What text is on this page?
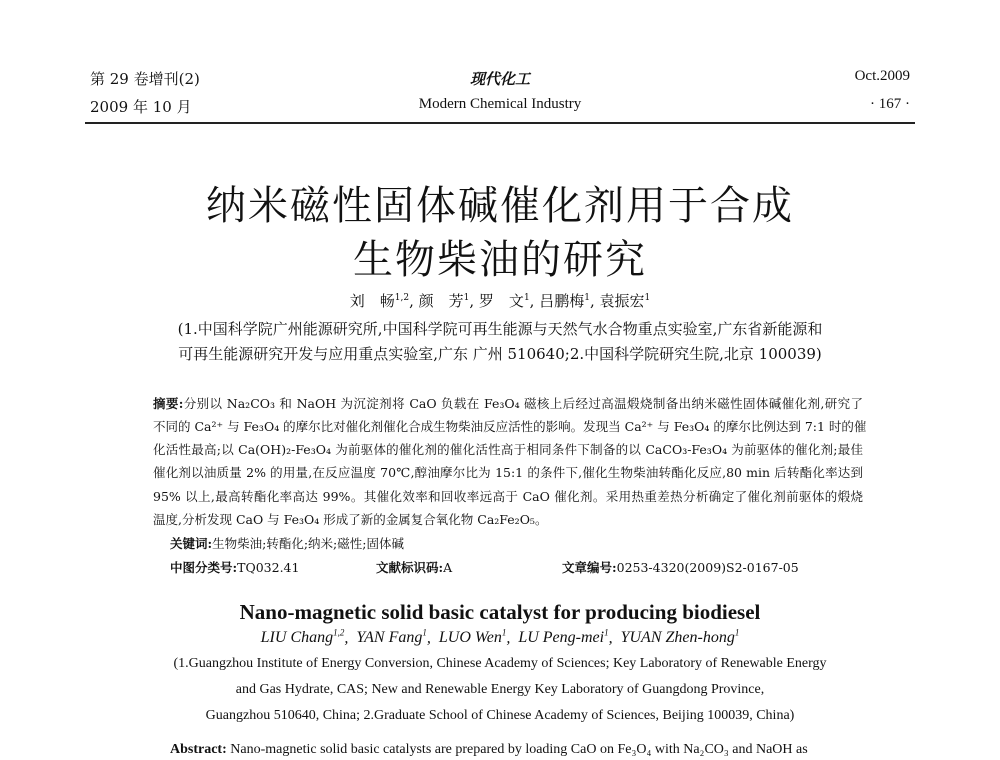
第 29 卷增刊(2)
2009 年 10 月
现代化工
Modern Chemical Industry
Oct.2009
· 167 ·
纳米磁性固体碱催化剂用于合成
生物柴油的研究
刘　畅$^{1,2}$, 颜　芳$^1$, 罗　文$^1$, 吕鹏梅$^1$, 袁振宏$^1$
(1.中国科学院广州能源研究所,中国科学院可再生能源与天然气水合物重点实验室,广东省新能源和
可再生能源研究开发与应用重点实验室,广东 广州 510640;2.中国科学院研究生院,北京 100039)
摘要:分别以 Na₂CO₃ 和 NaOH 为沉淀剂将 CaO 负载在 Fe₃O₄ 磁核上后经过高温煅烧制备出纳米磁性固体碱催化剂,研究了
不同的 Ca²⁺ 与 Fe₃O₄ 的摩尔比对催化剂催化合成生物柴油反应活性的影响。发现当 Ca²⁺ 与 Fe₃O₄ 的摩尔比例达到 7:1 时的催
化活性最高;以 Ca(OH)₂-Fe₃O₄ 为前驱体的催化剂的催化活性高于相同条件下制备的以 CaCO₃-Fe₃O₄ 为前驱体的催化剂;最佳
催化剂以油质量 2% 的用量,在反应温度 70℃,醇油摩尔比为 15:1 的条件下,催化生物柴油转酯化反应,80 min 后转酯化率达到
95% 以上,最高转酯化率高达 99%。其催化效率和回收率远高于 CaO 催化剂。采用热重差热分析确定了催化剂前驱体的煅烧
温度,分析发现 CaO 与 Fe₃O₄ 形成了新的金属复合氧化物 Ca₂Fe₂O₅。
关键词:生物柴油;转酯化;纳米;磁性;固体碱
中图分类号:TQ032.41	文献标识码:A	文章编号:0253-4320(2009)S2-0167-05
Nano-magnetic solid basic catalyst for producing biodiesel
LIU Chang$^{1,2}$,  YAN Fang$^1$,  LUO Wen$^1$,  LU Peng-mei$^1$,  YUAN Zhen-hong$^1$
(1.Guangzhou Institute of Energy Conversion, Chinese Academy of Sciences; Key Laboratory of Renewable Energy
and Gas Hydrate, CAS; New and Renewable Energy Key Laboratory of Guangdong Province,
Guangzhou 510640, China; 2.Graduate School of Chinese Academy of Sciences, Beijing 100039, China)
Abstract: Nano-magnetic solid basic catalysts are prepared by loading CaO on Fe₃O₄ with Na₂CO₃ and NaOH as
